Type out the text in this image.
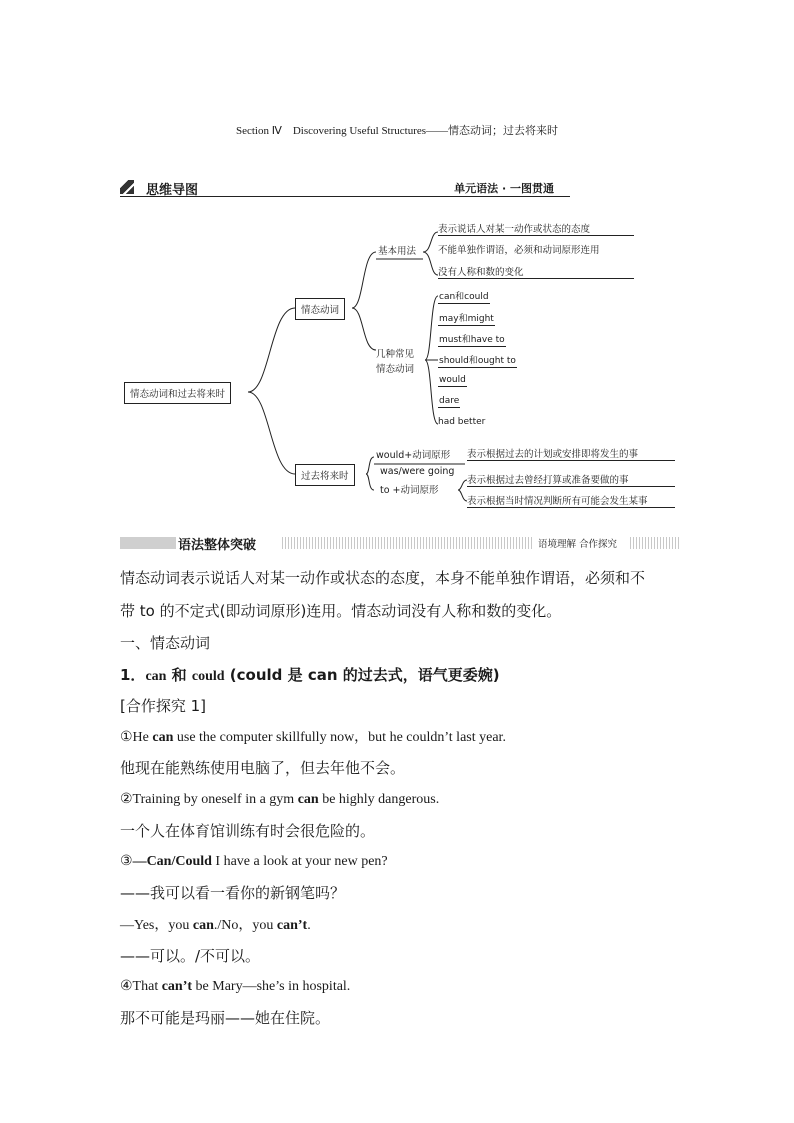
Section Ⅳ　Discovering Useful Structures——情态动词；过去将来时
思维导图	单元语法 · 一图贯通
情态动词和过去将来时
情态动词
过去将来时
基本用法
几种常见
情态动词
表示说话人对某一动作或状态的态度
不能单独作谓语，必须和动词原形连用
没有人称和数的变化
can和could
may和might
must和have to
should和ought to
would
dare
had better
would+动词原形
was/were going
to +动词原形
表示根据过去的计划或安排即将发生的事
表示根据过去曾经打算或准备要做的事
表示根据当时情况判断所有可能会发生某事
语法整体突破	语境理解 合作探究
情态动词表示说话人对某一动作或状态的态度，本身不能单独作谓语，必须和不
带 to 的不定式(即动词原形)连用。情态动词没有人称和数的变化。
一、情态动词
1．can 和 could (could 是 can 的过去式，语气更委婉)
[合作探究 1]
①He can use the computer skillfully now，but he couldn’t last year.
他现在能熟练使用电脑了，但去年他不会。
②Training by oneself in a gym can be highly dangerous.
一个人在体育馆训练有时会很危险的。
③—Can/Could I have a look at your new pen?
——我可以看一看你的新钢笔吗？
—Yes，you can./No，you can’t.
——可以。/不可以。
④That can’t be Mary—she’s in hospital.
那不可能是玛丽——她在住院。
